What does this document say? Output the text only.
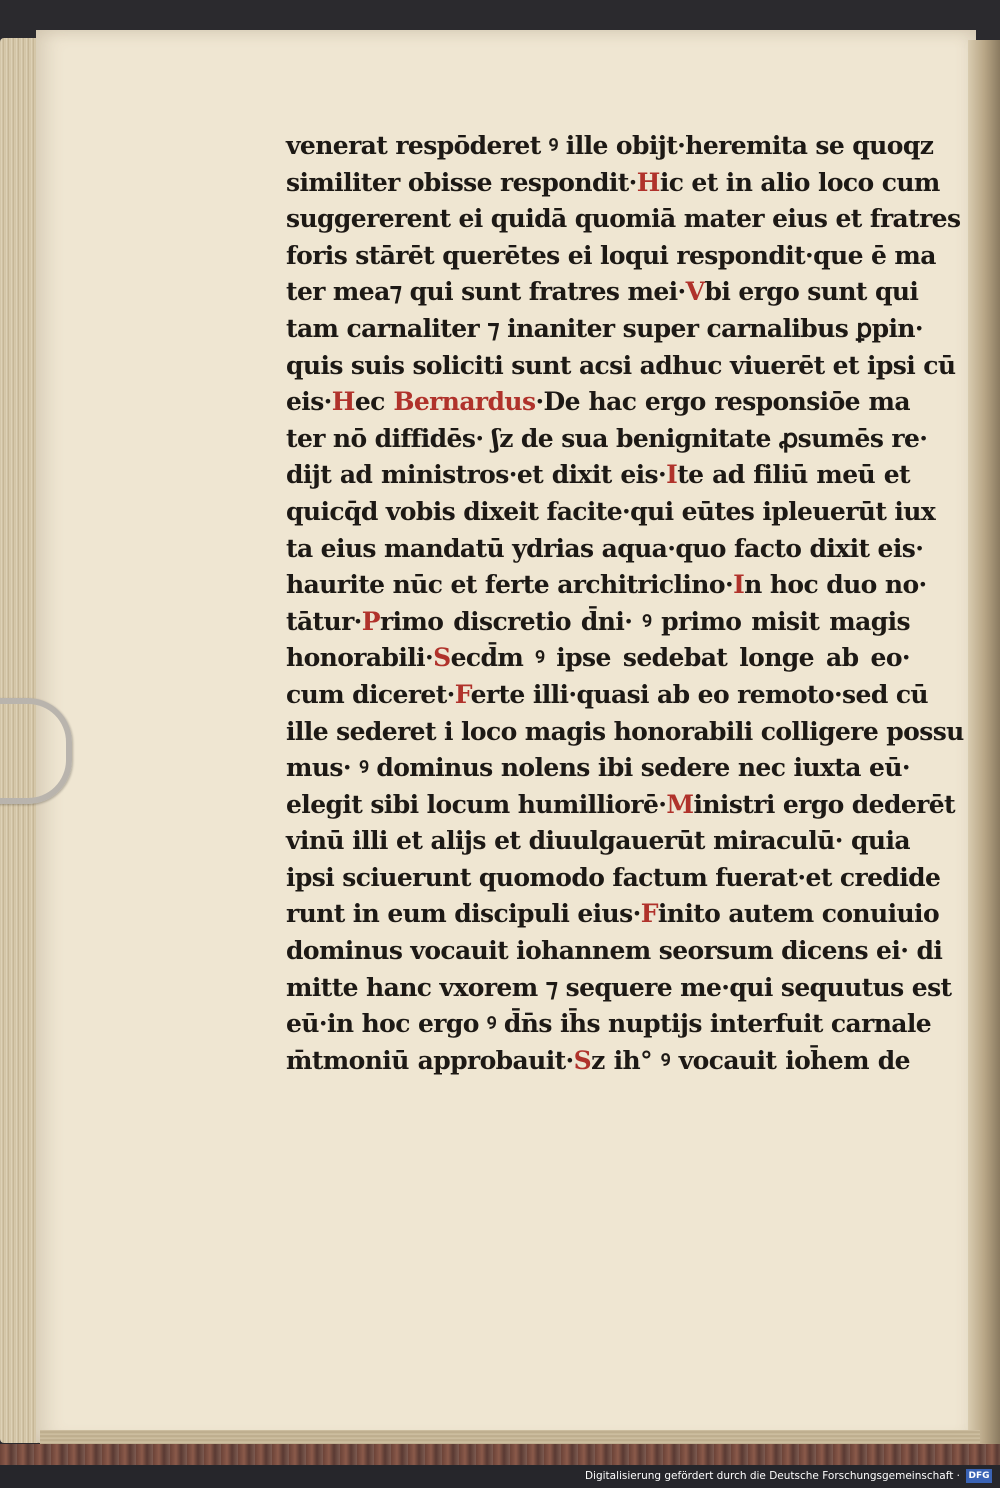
venerat respōderet ꝰ ille obijt·heremita se quoqz
similiter obisse respondit·Hic et in alio loco cum
suggererent ei quidā quomiā mater eius et fratres
foris stārēt querētes ei loqui respondit·que ē ma
ter mea⁊ qui sunt fratres mei·Vbi ergo sunt qui
tam carnaliter ⁊ inaniter super carnalibus ꝑpin·
quis suis soliciti sunt acsi adhuc viuerēt et ipsi cū
eis·Hec Bernardus·De hac ergo responsiōe ma
ter nō diffidēs· ʃz de sua benignitate ꝓsumēs re·
dijt ad ministros·et dixit eis·Ite ad filiū meū et
quicq̄d vobis dixeit facite·qui eūtes ipleuerūt iux
ta eius mandatū ydrias aqua·quo facto dixit eis·
haurite nūc et ferte architriclino·In hoc duo no·
tātur·Primo discretio d̄ni· ꝰ primo misit magis
honorabili·Secd̄m ꝰ ipse sedebat longe ab eo·
cum diceret·Ferte illi·quasi ab eo remoto·sed cū
ille sederet i loco magis honorabili colligere possu
mus· ꝰ dominus nolens ibi sedere nec iuxta eū·
elegit sibi locum humilliorē·Ministri ergo dederēt
vinū illi et alijs et diuulgauerūt miraculū· quia
ipsi sciuerunt quomodo factum fuerat·et credide
runt in eum discipuli eius·Finito autem conuiuio
dominus vocauit iohannem seorsum dicens ei· di
mitte hanc vxorem ⁊ sequere me·qui sequutus est
eū·in hoc ergo ꝰ d̄n̄s ih̄s nuptijs interfuit carnale
m̄tmoniū approbauit·Sz ih° ꝰ vocauit ioh̄em de
Digitalisierung gefördert durch die Deutsche Forschungsgemeinschaft · DFG
